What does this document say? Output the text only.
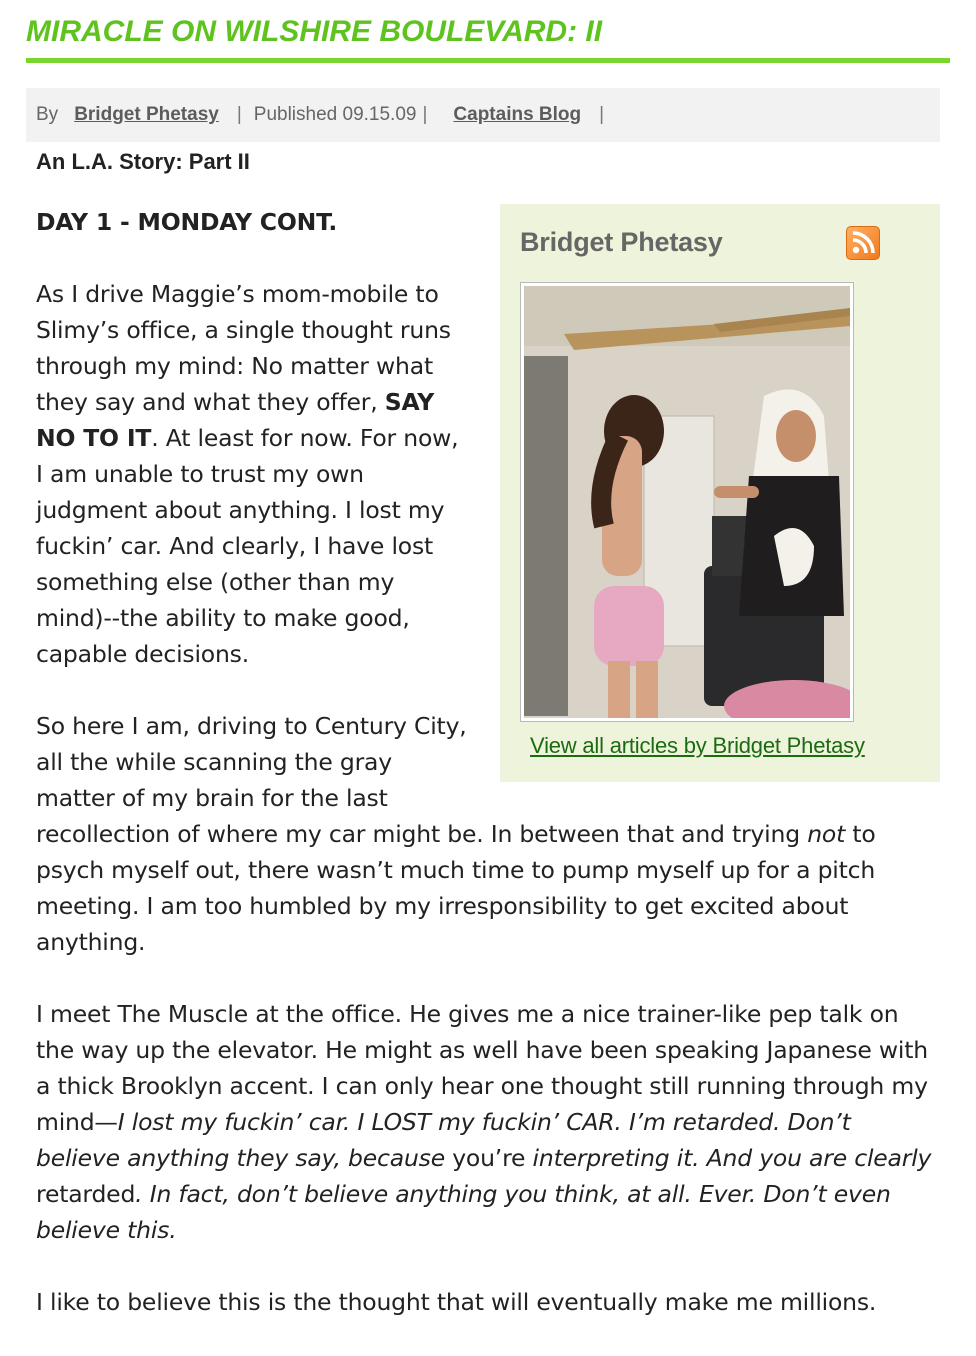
MIRACLE ON WILSHIRE BOULEVARD: II
By Bridget Phetasy | Published 09.15.09 | Captains Blog |
An L.A. Story: Part II
Bridget Phetasy
View all articles by Bridget Phetasy

DAY 1 - MONDAY CONT.

As I drive Maggie’s mom-mobile to Slimy’s office, a single thought runs through my mind: No matter what they say and what they offer, SAY NO TO IT. At least for now. For now, I am unable to trust my own judgment about anything. I lost my fuckin’ car. And clearly, I have lost something else (other than my mind)--the ability to make good, capable decisions.

So here I am, driving to Century City, all the while scanning the gray matter of my brain for the last recollection of where my car might be. In between that and trying not to psych myself out, there wasn’t much time to pump myself up for a pitch meeting. I am too humbled by my irresponsibility to get excited about anything.

I meet The Muscle at the office. He gives me a nice trainer-like pep talk on the way up the elevator. He might as well have been speaking Japanese with a thick Brooklyn accent. I can only hear one thought still running through my mind—I lost my fuckin’ car. I LOST my fuckin’ CAR. I’m retarded. Don’t believe anything they say, because you’re interpreting it. And you are clearly retarded. In fact, don’t believe anything you think, at all. Ever. Don’t even believe this.

I like to believe this is the thought that will eventually make me millions.
